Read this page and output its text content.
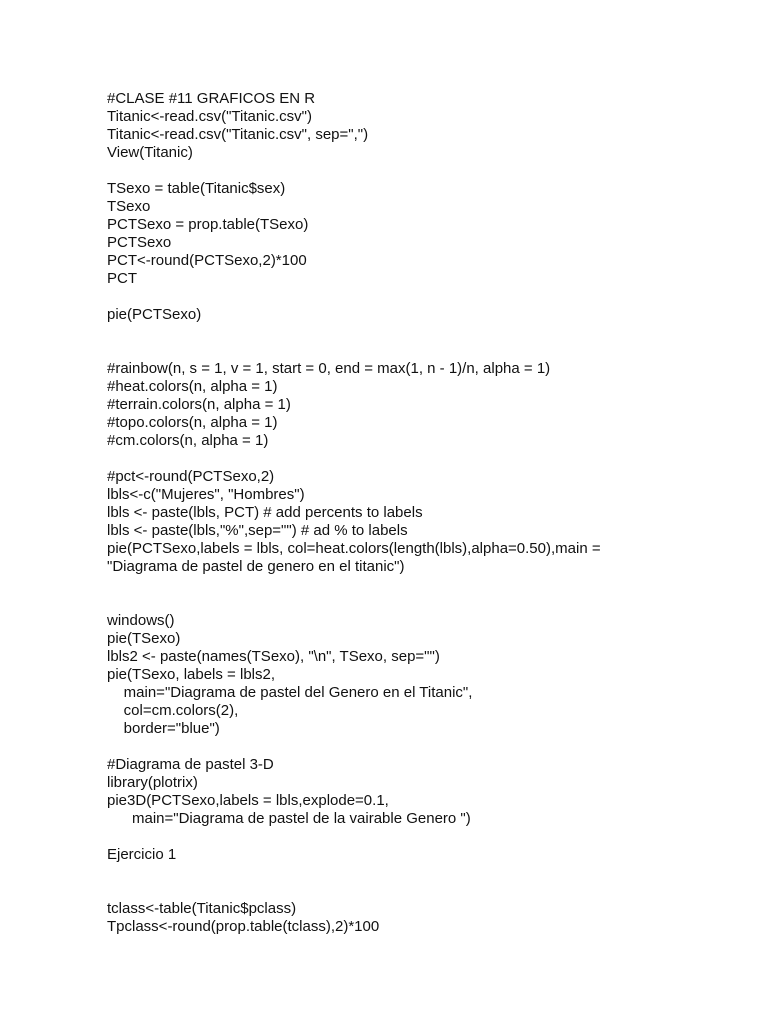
#CLASE #11 GRAFICOS EN R
Titanic<-read.csv("Titanic.csv")
Titanic<-read.csv("Titanic.csv", sep=",")
View(Titanic)
TSexo = table(Titanic$sex)
TSexo
PCTSexo = prop.table(TSexo)
PCTSexo
PCT<-round(PCTSexo,2)*100
PCT
pie(PCTSexo)
#rainbow(n, s = 1, v = 1, start = 0, end = max(1, n - 1)/n, alpha = 1)
#heat.colors(n, alpha = 1)
#terrain.colors(n, alpha = 1)
#topo.colors(n, alpha = 1)
#cm.colors(n, alpha = 1)
#pct<-round(PCTSexo,2)
lbls<-c("Mujeres", "Hombres")
lbls <- paste(lbls, PCT) # add percents to labels
lbls <- paste(lbls,"%",sep="") # ad % to labels
pie(PCTSexo,labels = lbls, col=heat.colors(length(lbls),alpha=0.50),main =
"Diagrama de pastel de genero en el titanic")
windows()
pie(TSexo)
lbls2 <- paste(names(TSexo), "\n", TSexo, sep="")
pie(TSexo, labels = lbls2,
main="Diagrama de pastel del Genero en el Titanic",
col=cm.colors(2),
border="blue")
#Diagrama de pastel 3-D
library(plotrix)
pie3D(PCTSexo,labels = lbls,explode=0.1,
main="Diagrama de pastel de la vairable Genero ")
Ejercicio 1
tclass<-table(Titanic$pclass)
Tpclass<-round(prop.table(tclass),2)*100
